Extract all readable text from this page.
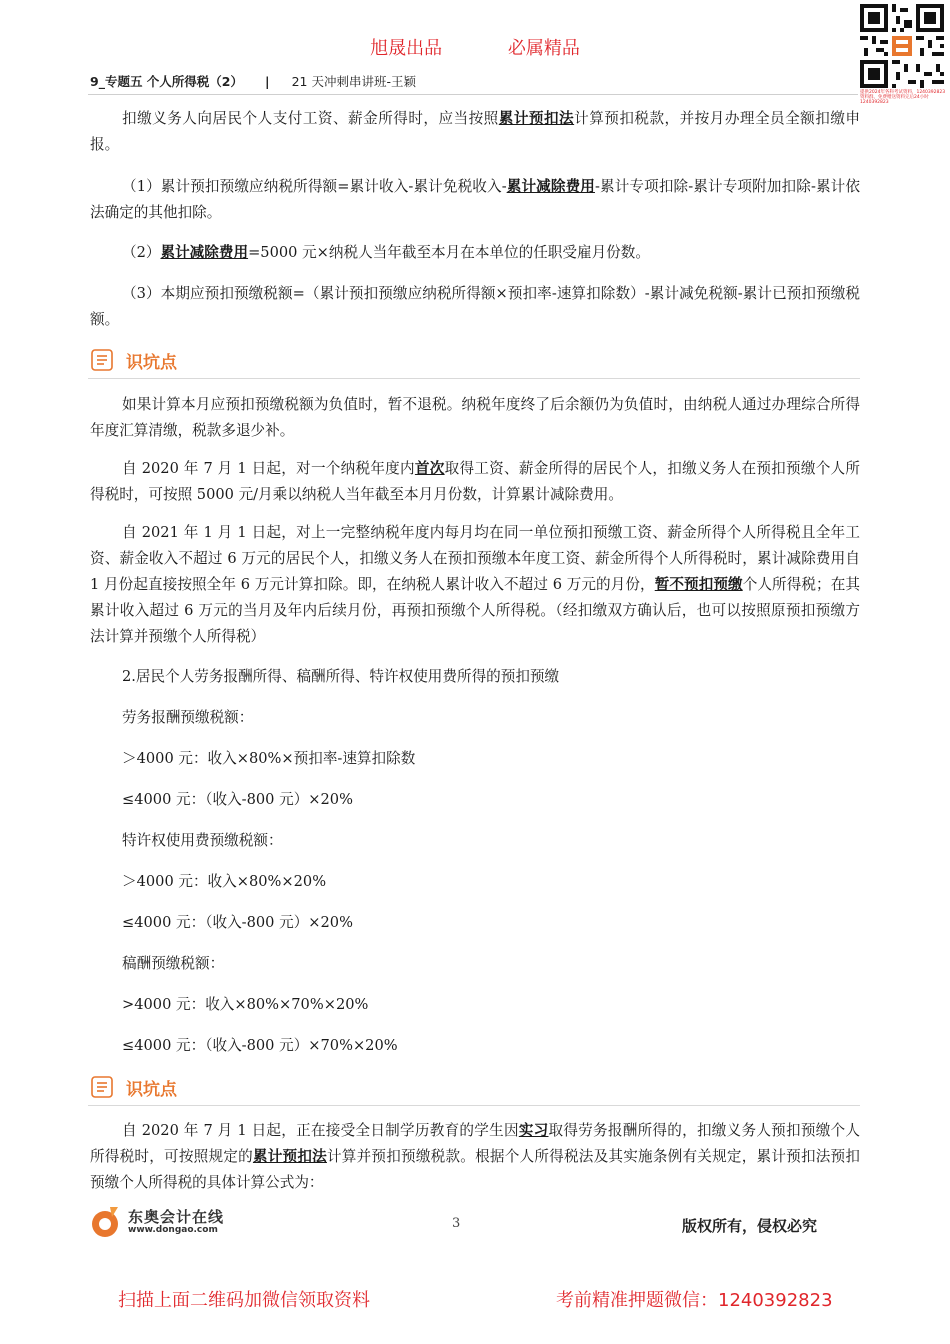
旭晟出品	必属精品
提供2024年各科考试资料，1240392823 资料群，免费赠送资料完后24小时 1240392823
9_专题五 个人所得税（2） | 21 天冲刺串讲班-王颖

扣缴义务人向居民个人支付工资、薪金所得时，应当按照累计预扣法计算预扣税款，并按月办理全员全额扣缴申报。

（1）累计预扣预缴应纳税所得额=累计收入-累计免税收入-累计减除费用-累计专项扣除-累计专项附加扣除-累计依法确定的其他扣除。

（2）累计减除费用=5000 元×纳税人当年截至本月在本单位的任职受雇月份数。

（3）本期应预扣预缴税额=（累计预扣预缴应纳税所得额×预扣率-速算扣除数）-累计减免税额-累计已预扣预缴税额。

识坑点

如果计算本月应预扣预缴税额为负值时，暂不退税。纳税年度终了后余额仍为负值时，由纳税人通过办理综合所得年度汇算清缴，税款多退少补。

自 2020 年 7 月 1 日起，对一个纳税年度内首次取得工资、薪金所得的居民个人，扣缴义务人在预扣预缴个人所得税时，可按照 5000 元/月乘以纳税人当年截至本月月份数，计算累计减除费用。

自 2021 年 1 月 1 日起，对上一完整纳税年度内每月均在同一单位预扣预缴工资、薪金所得个人所得税且全年工资、薪金收入不超过 6 万元的居民个人，扣缴义务人在预扣预缴本年度工资、薪金所得个人所得税时，累计减除费用自 1 月份起直接按照全年 6 万元计算扣除。即，在纳税人累计收入不超过 6 万元的月份，暂不预扣预缴个人所得税；在其累计收入超过 6 万元的当月及年内后续月份，再预扣预缴个人所得税。（经扣缴双方确认后，也可以按照原预扣预缴方法计算并预缴个人所得税）

2.居民个人劳务报酬所得、稿酬所得、特许权使用费所得的预扣预缴
劳务报酬预缴税额：
＞4000 元：收入×80%×预扣率-速算扣除数
≤4000 元：（收入-800 元）×20%
特许权使用费预缴税额：
＞4000 元：收入×80%×20%
≤4000 元：（收入-800 元）×20%
稿酬预缴税额：
>4000 元：收入×80%×70%×20%
≤4000 元：（收入-800 元）×70%×20%
识坑点

自 2020 年 7 月 1 日起，正在接受全日制学历教育的学生因实习取得劳务报酬所得的，扣缴义务人预扣预缴个人所得税时，可按照规定的累计预扣法计算并预扣预缴税款。根据个人所得税法及其实施条例有关规定，累计预扣法预扣预缴个人所得税的具体计算公式为：

东奥会计在线
www.dongao.com	3	版权所有，侵权必究
扫描上面二维码加微信领取资料	考前精准押题微信：1240392823
